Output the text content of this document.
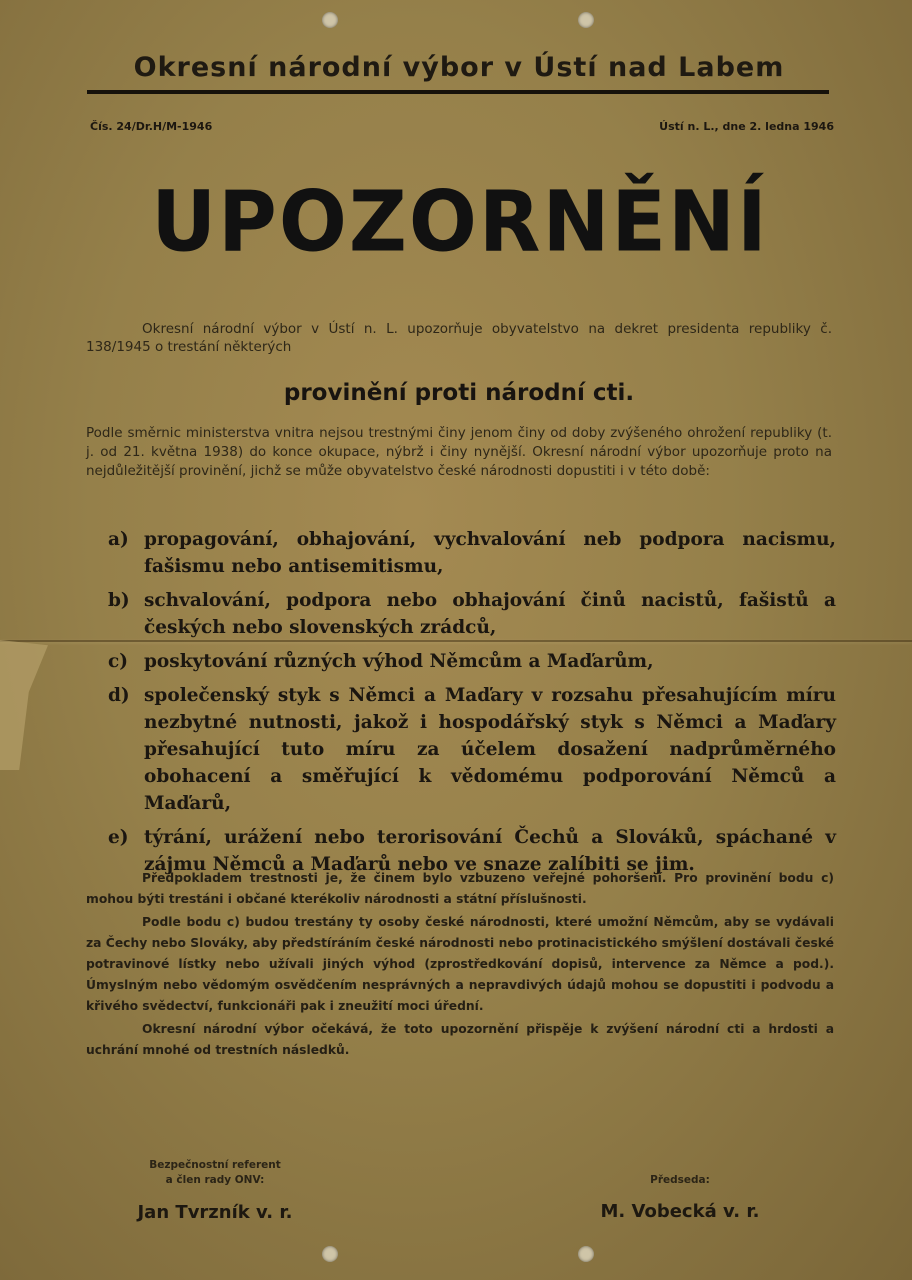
Okresní národní výbor v Ústí nad Labem
Čís. 24/Dr.H/M-1946	Ústí n. L., dne 2. ledna 1946
UPOZORNĚNÍ
Okresní národní výbor v Ústí n. L. upozorňuje obyvatelstvo na dekret presidenta republiky č. 138/1945 o trestání některých
provinění proti národní cti.
Podle směrnic ministerstva vnitra nejsou trestnými činy jenom činy od doby zvýšeného ohrožení republiky (t. j. od 21. května 1938) do konce okupace, nýbrž i činy nynější. Okresní národní výbor upozorňuje proto na nejdůležitější provinění, jichž se může obyvatelstvo české národnosti dopustiti i v této době:
a) propagování, obhajování, vychvalování neb podpora nacismu, fašismu nebo antisemitismu,
b) schvalování, podpora nebo obhajování činů nacistů, fašistů a českých nebo slovenských zrádců,
c) poskytování různých výhod Němcům a Maďarům,
d) společenský styk s Němci a Maďary v rozsahu přesahujícím míru nezbytné nutnosti, jakož i hospodářský styk s Němci a Maďary přesahující tuto míru za účelem dosažení nadprůměrného obohacení a směřující k vědomému podporování Němců a Maďarů,
e) týrání, urážení nebo terorisování Čechů a Slováků, spáchané v zájmu Němců a Maďarů nebo ve snaze zalíbiti se jim.

Předpokladem trestnosti je, že činem bylo vzbuzeno veřejné pohoršení. Pro provinění bodu c) mohou býti trestáni i občané kterékoliv národnosti a státní příslušnosti.

Podle bodu c) budou trestány ty osoby české národnosti, které umožní Němcům, aby se vydávali za Čechy nebo Slováky, aby předstíráním české národnosti nebo protinacistického smýšlení dostávali české potravinové lístky nebo užívali jiných výhod (zprostředkování dopisů, intervence za Němce a pod.). Úmyslným nebo vědomým osvědčením nesprávných a nepravdivých údajů mohou se dopustiti i podvodu a křivého svědectví, funkcionáři pak i zneužití moci úřední.

Okresní národní výbor očekává, že toto upozornění přispěje k zvýšení národní cti a hrdosti a uchrání mnohé od trestních následků.

Bezpečnostní referent
a člen rady ONV:
Jan Tvrzník v. r.
Předseda:
M. Vobecká v. r.
